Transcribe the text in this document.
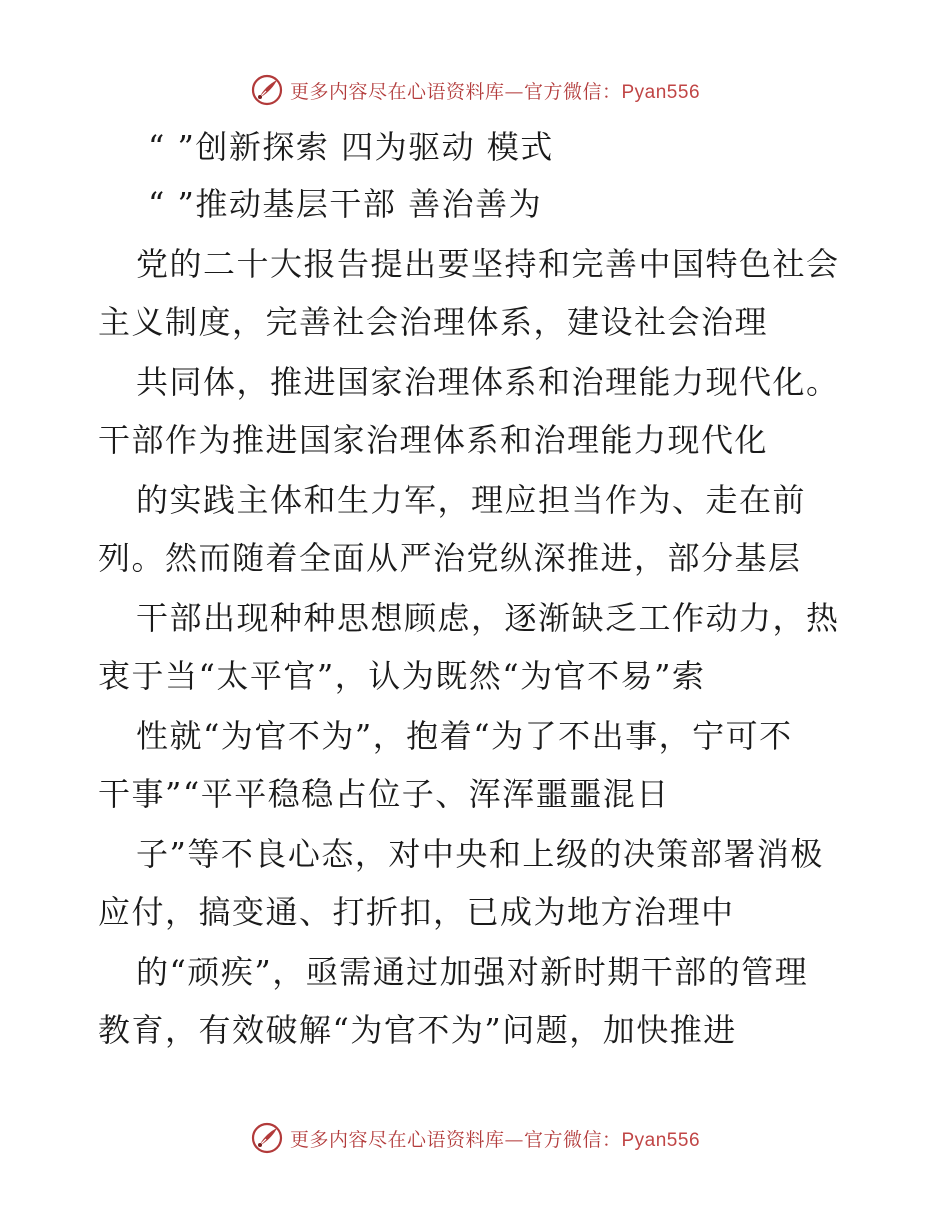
更多内容尽在心语资料库—官方微信：Pyan556
“ ”创新探索 四为驱动 模式
“ ”推动基层干部 善治善为
党的二十大报告提出要坚持和完善中国特色社会
主义制度，完善社会治理体系，建设社会治理
共同体，推进国家治理体系和治理能力现代化。
干部作为推进国家治理体系和治理能力现代化
的实践主体和生力军，理应担当作为、走在前
列。然而随着全面从严治党纵深推进，部分基层
干部出现种种思想顾虑，逐渐缺乏工作动力，热
衷于当“太平官”，认为既然“为官不易”索
性就“为官不为”，抱着“为了不出事，宁可不
干事”“平平稳稳占位子、浑浑噩噩混日
子”等不良心态，对中央和上级的决策部署消极
应付，搞变通、打折扣，已成为地方治理中
的“顽疾”，亟需通过加强对新时期干部的管理
教育，有效破解“为官不为”问题，加快推进
更多内容尽在心语资料库—官方微信：Pyan556
